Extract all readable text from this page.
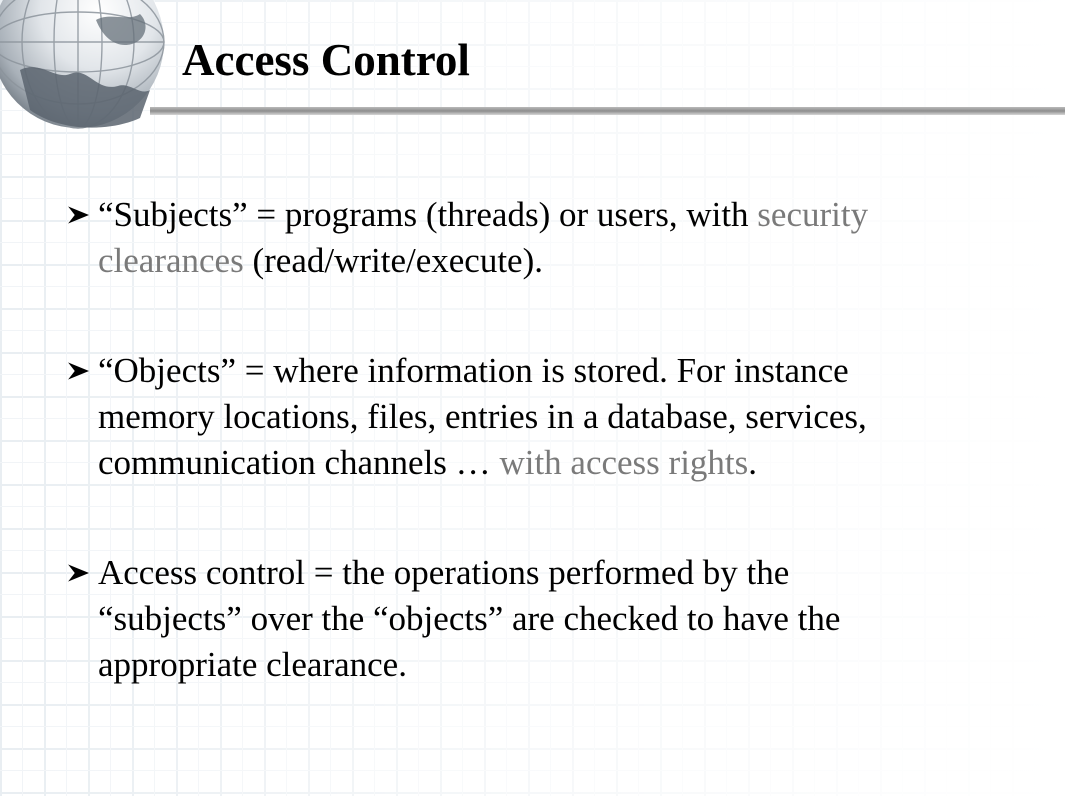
Access Control
“Subjects” = programs (threads) or users, with security clearances (read/write/execute).
“Objects” = where information is stored. For instance memory locations, files, entries in a database, services, communication channels … with access rights.
Access control = the operations performed by the “subjects” over the “objects” are checked to have the appropriate clearance.
